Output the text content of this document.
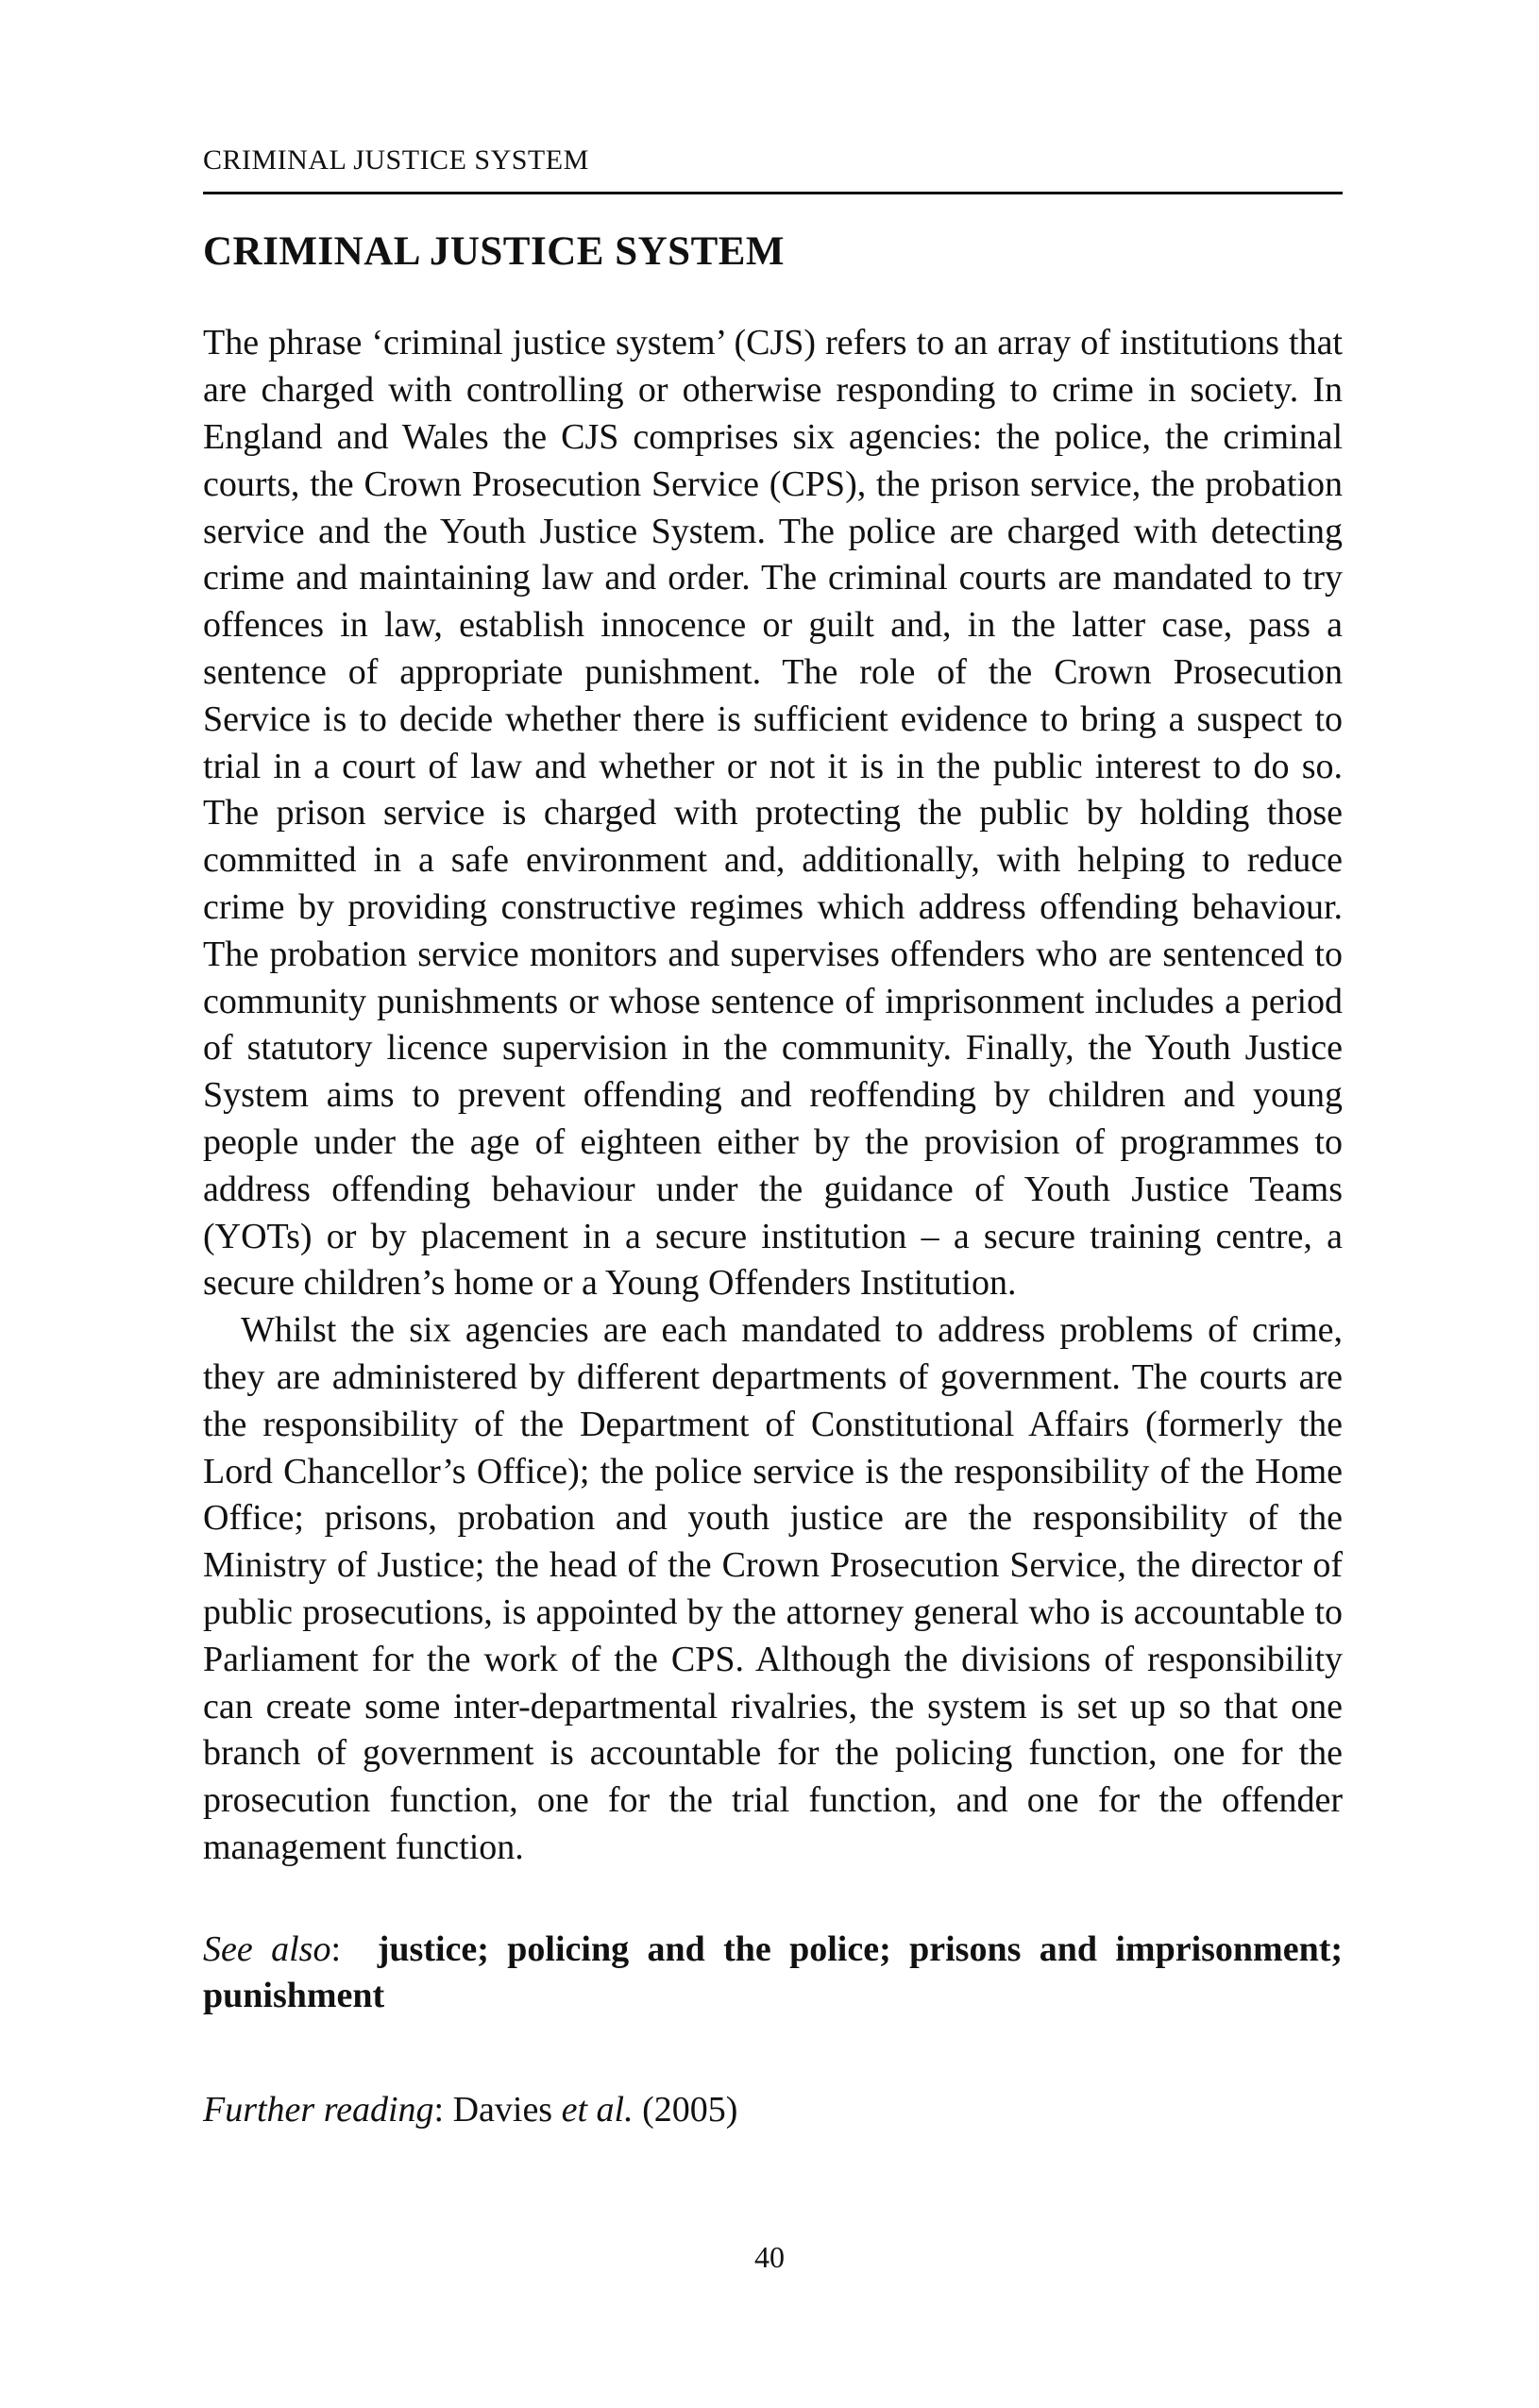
CRIMINAL JUSTICE SYSTEM
CRIMINAL JUSTICE SYSTEM

The phrase ‘criminal justice system’ (CJS) refers to an array of institutions that are charged with controlling or otherwise responding to crime in society. In England and Wales the CJS comprises six agencies: the police, the criminal courts, the Crown Prosecution Service (CPS), the prison service, the probation service and the Youth Justice System. The police are charged with detecting crime and maintaining law and order. The criminal courts are mandated to try offences in law, establish innocence or guilt and, in the latter case, pass a sentence of appropriate punishment. The role of the Crown Prosecution Service is to decide whether there is sufficient evidence to bring a suspect to trial in a court of law and whether or not it is in the public interest to do so. The prison service is charged with protecting the public by holding those committed in a safe environment and, additionally, with helping to reduce crime by providing constructive regimes which address offending behaviour. The probation service monitors and supervises offenders who are sentenced to community punishments or whose sentence of imprisonment includes a period of statutory licence supervision in the community. Finally, the Youth Justice System aims to prevent offending and reoffending by children and young people under the age of eighteen either by the provision of programmes to address offending behaviour under the guidance of Youth Justice Teams (YOTs) or by placement in a secure institution – a secure training centre, a secure children’s home or a Young Offenders Institution.

Whilst the six agencies are each mandated to address problems of crime, they are administered by different departments of government. The courts are the responsibility of the Department of Constitutional Affairs (formerly the Lord Chancellor’s Office); the police service is the responsibility of the Home Office; prisons, probation and youth justice are the responsibility of the Ministry of Justice; the head of the Crown Prosecution Service, the director of public prosecutions, is appointed by the attorney general who is accountable to Parliament for the work of the CPS. Although the divisions of responsibility can create some inter-departmental rivalries, the system is set up so that one branch of government is accountable for the policing function, one for the prosecution function, one for the trial function, and one for the offender management function.

See also: justice; policing and the police; prisons and imprisonment; punishment
Further reading: Davies et al. (2005)
40
